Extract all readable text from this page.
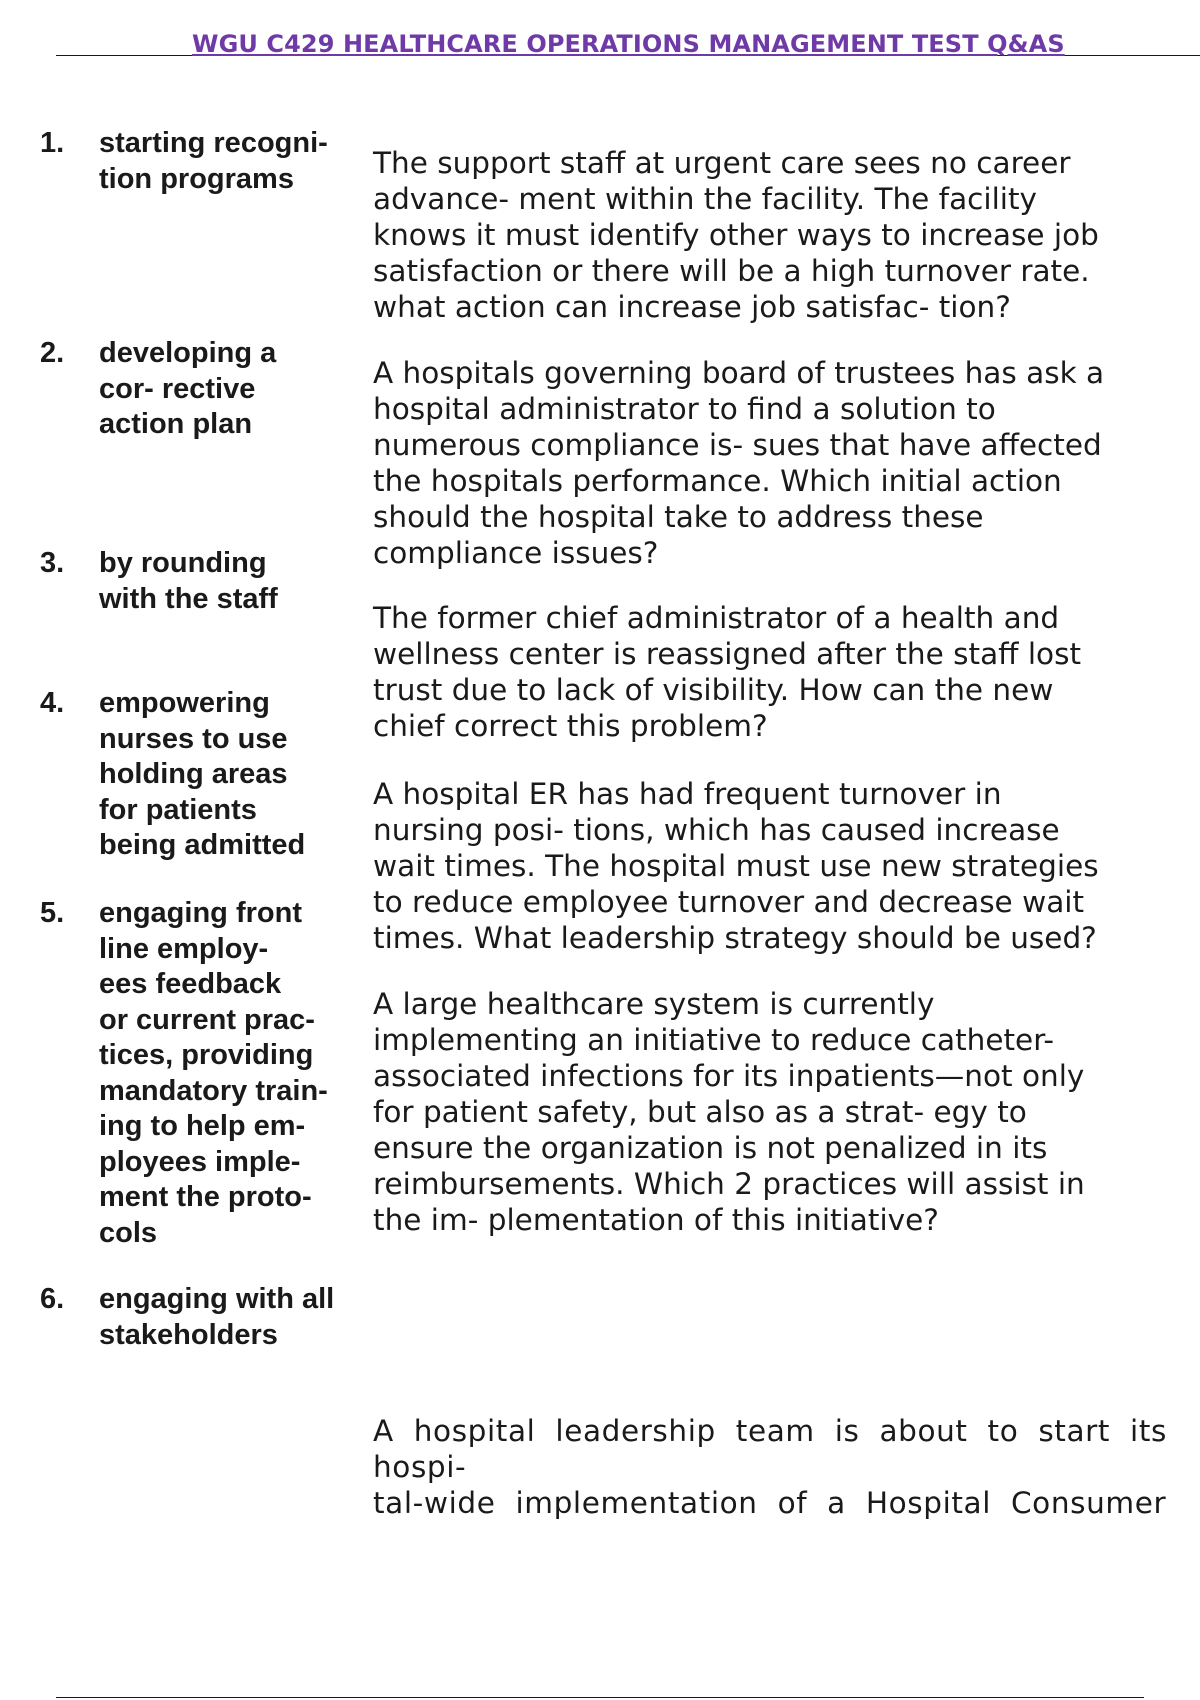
WGU C429 HEALTHCARE OPERATIONS MANAGEMENT TEST Q&AS
1. starting recogni-
tion programs
2. developing a
cor- rective
action plan
3. by rounding
with the staff
4. empowering
nurses to use
holding areas
for patients
being admitted
5. engaging front
line employ-
ees feedback
or current prac-
tices, providing
mandatory train-
ing to help em-
ployees imple-
ment the proto-
cols
6. engaging with all
stakeholders
The support staff at urgent care sees no career
advance- ment within the facility. The facility
knows it must identify other ways to increase job
satisfaction or there will be a high turnover rate.
what action can increase job satisfac- tion?
A hospitals governing board of trustees has ask a
hospital administrator to find a solution to
numerous compliance is- sues that have affected
the hospitals performance. Which initial action
should the hospital take to address these
compliance issues?
The former chief administrator of a health and
wellness center is reassigned after the staff lost
trust due to lack of visibility. How can the new
chief correct this problem?
A hospital ER has had frequent turnover in
nursing posi- tions, which has caused increase
wait times. The hospital must use new strategies
to reduce employee turnover and decrease wait
times. What leadership strategy should be used?
A large healthcare system is currently
implementing an initiative to reduce catheter-
associated infections for its inpatients—not only
for patient safety, but also as a strat- egy to
ensure the organization is not penalized in its
reimbursements. Which 2 practices will assist in
the im- plementation of this initiative?
A hospital leadership team is about to start its
hospi-
tal-wide implementation of a Hospital Consumer
